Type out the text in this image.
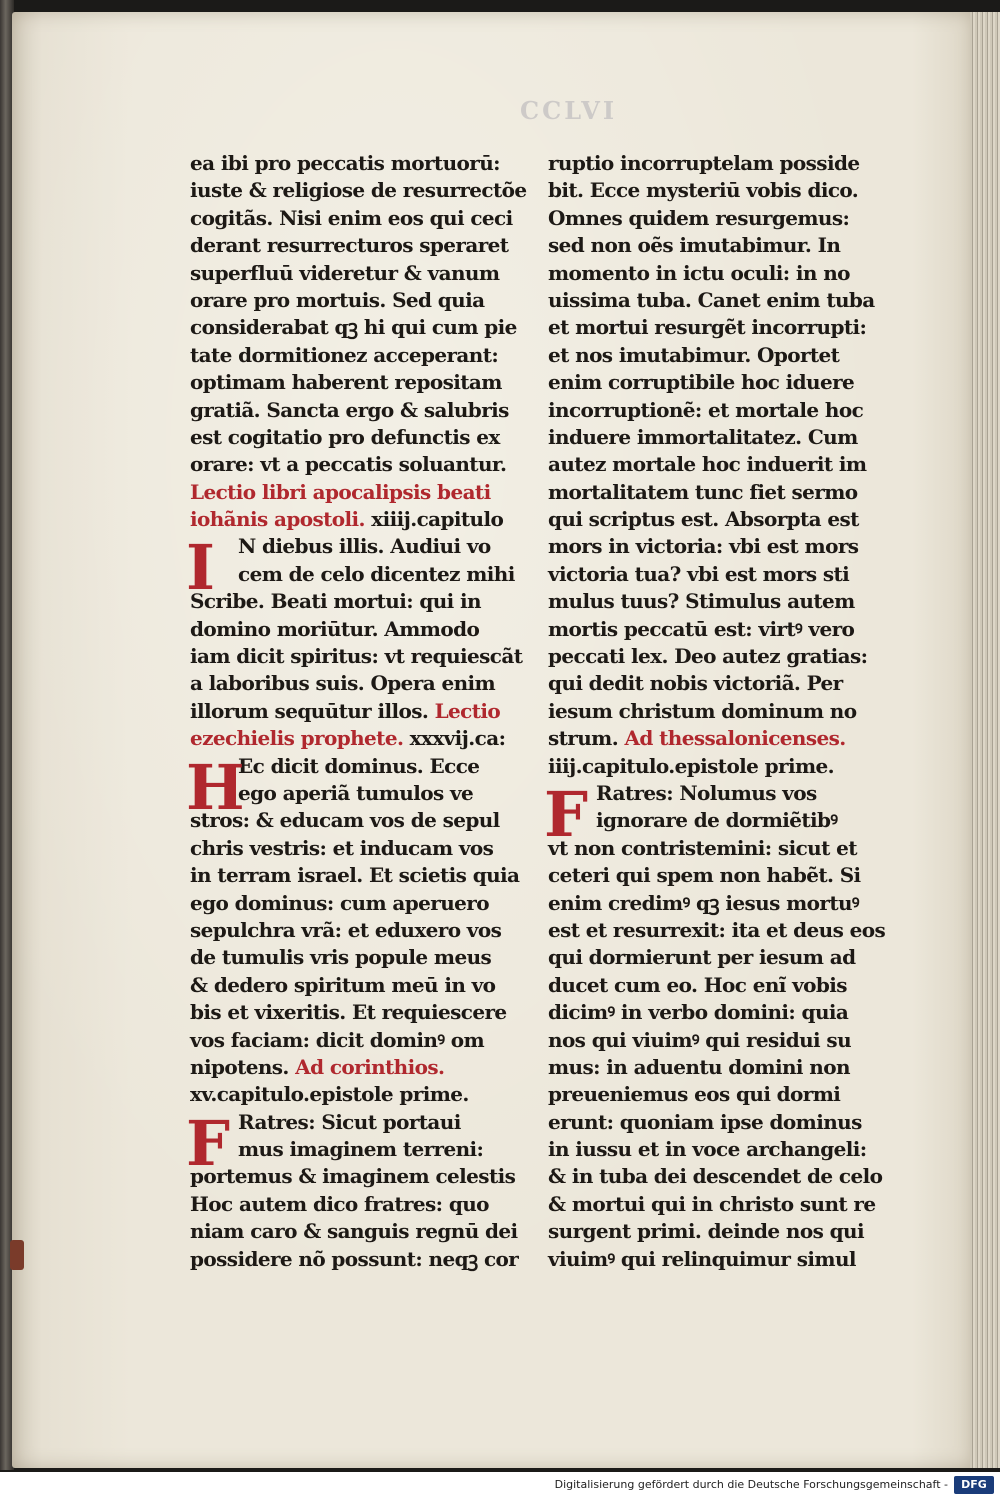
CCLVI
ea ibi pro peccatis mortuorū:
iuste & religiose de resurrectõe
cogitãs. Nisi enim eos qui ceci
derant resurrecturos speraret
superfluū videretur & vanum
orare pro mortuis. Sed quia
considerabat qꝫ hi qui cum pie
tate dormitionez acceperant:
optimam haberent repositam
gratiã. Sancta ergo & salubris
est cogitatio pro defunctis ex
orare: vt a peccatis soluantur.
Lectio libri apocalipsis beati
iohãnis apostoli. xiiij.capitulo
I N diebus illis. Audiui vo
cem de celo dicentez mihi
Scribe. Beati mortui: qui in
domino moriūtur. Ammodo
iam dicit spiritus: vt requiescãt
a laboribus suis. Opera enim
illorum sequūtur illos. Lectio
ezechielis prophete. xxxvij.ca:
H
Ec dicit dominus. Ecce
ego aperiã tumulos ve
stros: & educam vos de sepul
chris vestris: et inducam vos
in terram israel. Et scietis quia
ego dominus: cum aperuero
sepulchra vrã: et eduxero vos
de tumulis vris popule meus
& dedero spiritum meū in vo
bis et vixeritis. Et requiescere
vos faciam: dicit dominꝰ om
nipotens. Ad corinthios.
xv.capitulo.epistole prime.
F Ratres: Sicut portaui
mus imaginem terreni:
portemus & imaginem celestis
Hoc autem dico fratres: quo
niam caro & sanguis regnū dei
possidere nõ possunt: neqꝫ cor
ruptio incorruptelam posside
bit. Ecce mysteriū vobis dico.
Omnes quidem resurgemus:
sed non oẽs imutabimur. In
momento in ictu oculi: in no
uissima tuba. Canet enim tuba
et mortui resurgẽt incorrupti:
et nos imutabimur. Oportet
enim corruptibile hoc iduere
incorruptionẽ: et mortale hoc
induere immortalitatez. Cum
autez mortale hoc induerit im
mortalitatem tunc fiet sermo
qui scriptus est. Absorpta est
mors in victoria: vbi est mors
victoria tua? vbi est mors sti
mulus tuus? Stimulus autem
mortis peccatū est: virtꝰ vero
peccati lex. Deo autez gratias:
qui dedit nobis victoriã. Per
iesum christum dominum no
strum. Ad thessalonicenses.
iiij.capitulo.epistole prime.
F Ratres: Nolumus vos
ignorare de dormiẽtibꝰ
vt non contristemini: sicut et
ceteri qui spem non habẽt. Si
enim credimꝰ qꝫ iesus mortuꝰ
est et resurrexit: ita et deus eos
qui dormierunt per iesum ad
ducet cum eo. Hoc enĩ vobis
dicimꝰ in verbo domini: quia
nos qui viuimꝰ qui residui su
mus: in aduentu domini non
preueniemus eos qui dormi
erunt: quoniam ipse dominus
in iussu et in voce archangeli:
& in tuba dei descendet de celo
& mortui qui in christo sunt re
surgent primi. deinde nos qui
viuimꝰ qui relinquimur simul
Digitalisierung gefördert durch die Deutsche Forschungsgemeinschaft -	DFG
